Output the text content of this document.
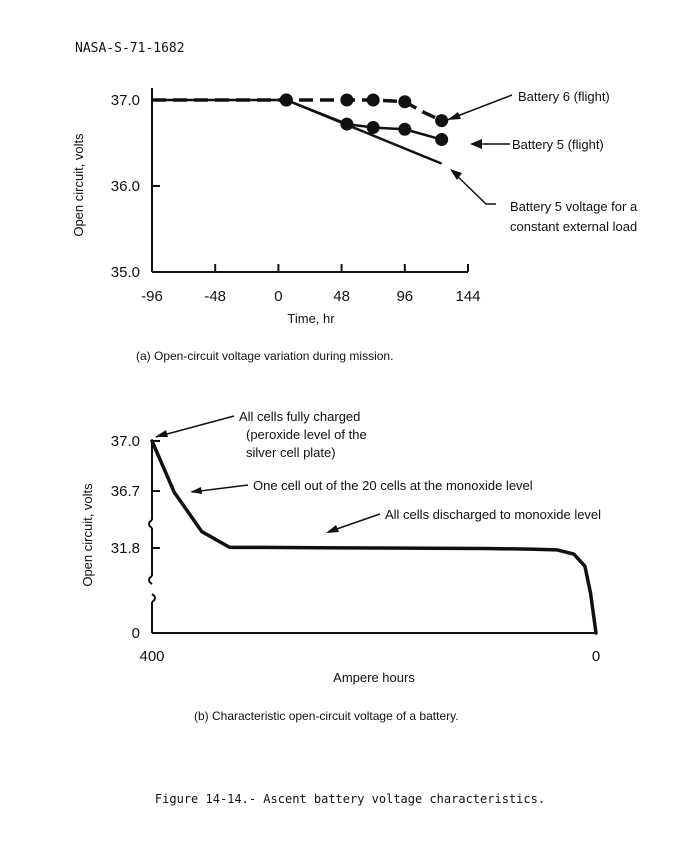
NASA-S-71-1682
-96	-48	0	48	96	144
35.0
36.0
37.0
Open circuit, volts
Time, hr
Battery 6 (flight)
Battery 5 (flight)
Battery 5 voltage for a
constant external load
(a) Open-circuit voltage variation during mission.
37.0
36.7
31.8
0
400	0
Open circuit, volts
Ampere hours
All cells fully charged
(peroxide level of the
silver cell plate)
One cell out of the 20 cells at the monoxide level
All cells discharged to monoxide level
(b) Characteristic open-circuit voltage of a battery.
Figure 14-14.- Ascent battery voltage characteristics.
